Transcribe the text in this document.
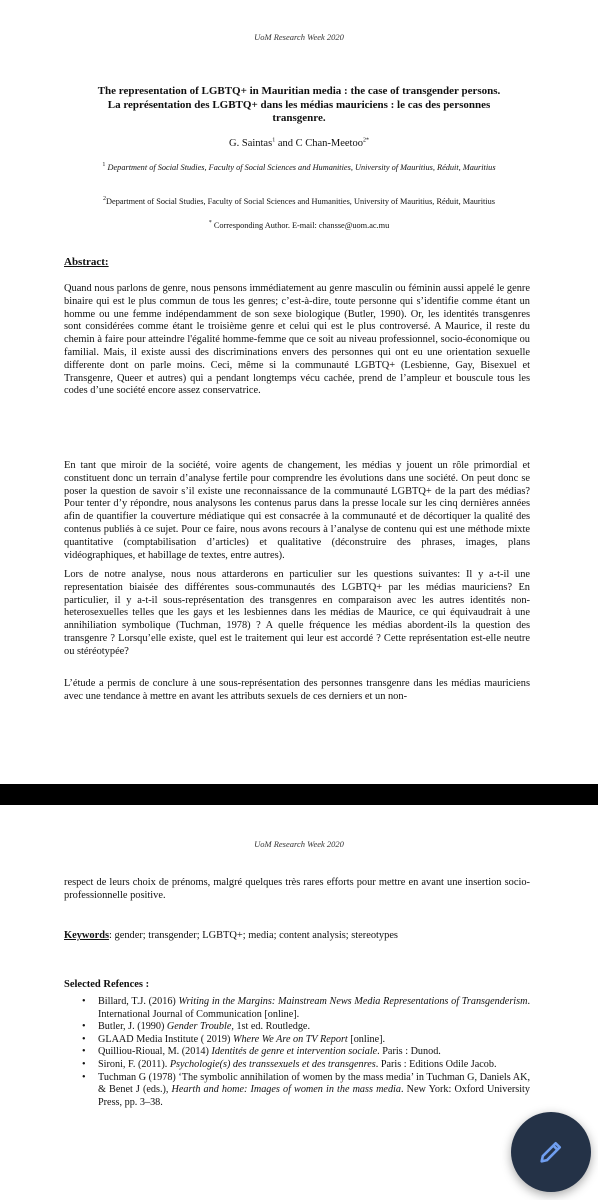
UoM Research Week 2020
The representation of LGBTQ+ in Mauritian media : the case of transgender persons.
La représentation des LGBTQ+ dans les médias mauriciens : le cas des personnes
transgenre.
G. Saintas$^1$ and C Chan-Meetoo$^{2*}$
$^1$ Department of Social Studies, Faculty of Social Sciences and Humanities, University of Mauritius, Réduit, Mauritius
$^2$Department of Social Studies, Faculty of Social Sciences and Humanities, University of Mauritius, Réduit, Mauritius
* Corresponding Author. E-mail: chansse@uom.ac.mu
Abstract:
Quand nous parlons de genre, nous pensons immédiatement au genre masculin ou féminin aussi appelé le genre binaire qui est le plus commun de tous les genres; c’est-à-dire, toute personne qui s’identifie comme étant un homme ou une femme indépendamment de son sexe biologique (Butler, 1990). Or, les identités transgenres sont considérées comme étant le troisième genre et celui qui est le plus controversé. A Maurice, il reste du chemin à faire pour atteindre l'égalité homme-femme que ce soit au niveau professionnel, socio-économique ou familial. Mais, il existe aussi des discriminations envers des personnes qui ont eu une orientation sexuelle differente dont on parle moins. Ceci, même si la communauté LGBTQ+ (Lesbienne, Gay, Bisexuel et Transgenre, Queer et autres) qui a pendant longtemps vécu cachée, prend de l’ampleur et bouscule tous les codes d’une société encore assez conservatrice.
En tant que miroir de la société, voire agents de changement, les médias y jouent un rôle primordial et constituent donc un terrain d’analyse fertile pour comprendre les évolutions dans une société. On peut donc se poser la question de savoir s’il existe une reconnaissance de la communauté LGBTQ+ de la part des médias? Pour tenter d’y répondre, nous analysons les contenus parus dans la presse locale sur les cinq dernières années afin de quantifier la couverture médiatique qui est consacrée à la communauté et de décortiquer la qualité des contenus publiés à ce sujet. Pour ce faire, nous avons recours à l’analyse de contenu qui est une méthode mixte quantitative (comptabilisation d’articles) et qualitative (déconstruire des phrases, images, plans vidéographiques, et habillage de textes, entre autres).
Lors de notre analyse, nous nous attarderons en particulier sur les questions suivantes: Il y a-t-il une representation biaisée des différentes sous-communautés des LGBTQ+ par les médias mauriciens? En particulier, il y a-t-il sous-représentation des transgenres en comparaison avec les autres identités non-heterosexuelles telles que les gays et les lesbiennes dans les médias de Maurice, ce qui équivaudrait à une annihiliation symbolique (Tuchman, 1978) ? A quelle fréquence les médias abordent-ils la question des transgenre ? Lorsqu’elle existe, quel est le traitement qui leur est accordé ? Cette représentation est-elle neutre ou stéréotypée?
L’étude a permis de conclure à une sous-représentation des personnes transgenre dans les médias mauriciens avec une tendance à mettre en avant les attributs sexuels de ces derniers et un non-
UoM Research Week 2020
respect de leurs choix de prénoms, malgré quelques très rares efforts pour mettre en avant une insertion socio-professionnelle positive.
Keywords: gender; transgender; LGBTQ+; media; content analysis; stereotypes
Selected Refences :
• Billard, T.J. (2016) Writing in the Margins: Mainstream News Media Representations of Transgenderism. International Journal of Communication [online].
• Butler, J. (1990) Gender Trouble, 1st ed. Routledge.
• GLAAD Media Institute ( 2019) Where We Are on TV Report [online].
• Quilliou-Rioual, M. (2014) Identités de genre et intervention sociale. Paris : Dunod.
• Sironi, F. (2011). Psychologie(s) des transsexuels et des transgenres. Paris : Editions Odile Jacob.
• Tuchman G (1978) ‘The symbolic annihilation of women by the mass media’ in Tuchman G, Daniels AK, & Benet J (eds.), Hearth and home: Images of women in the mass media. New York: Oxford University Press, pp. 3–38.
